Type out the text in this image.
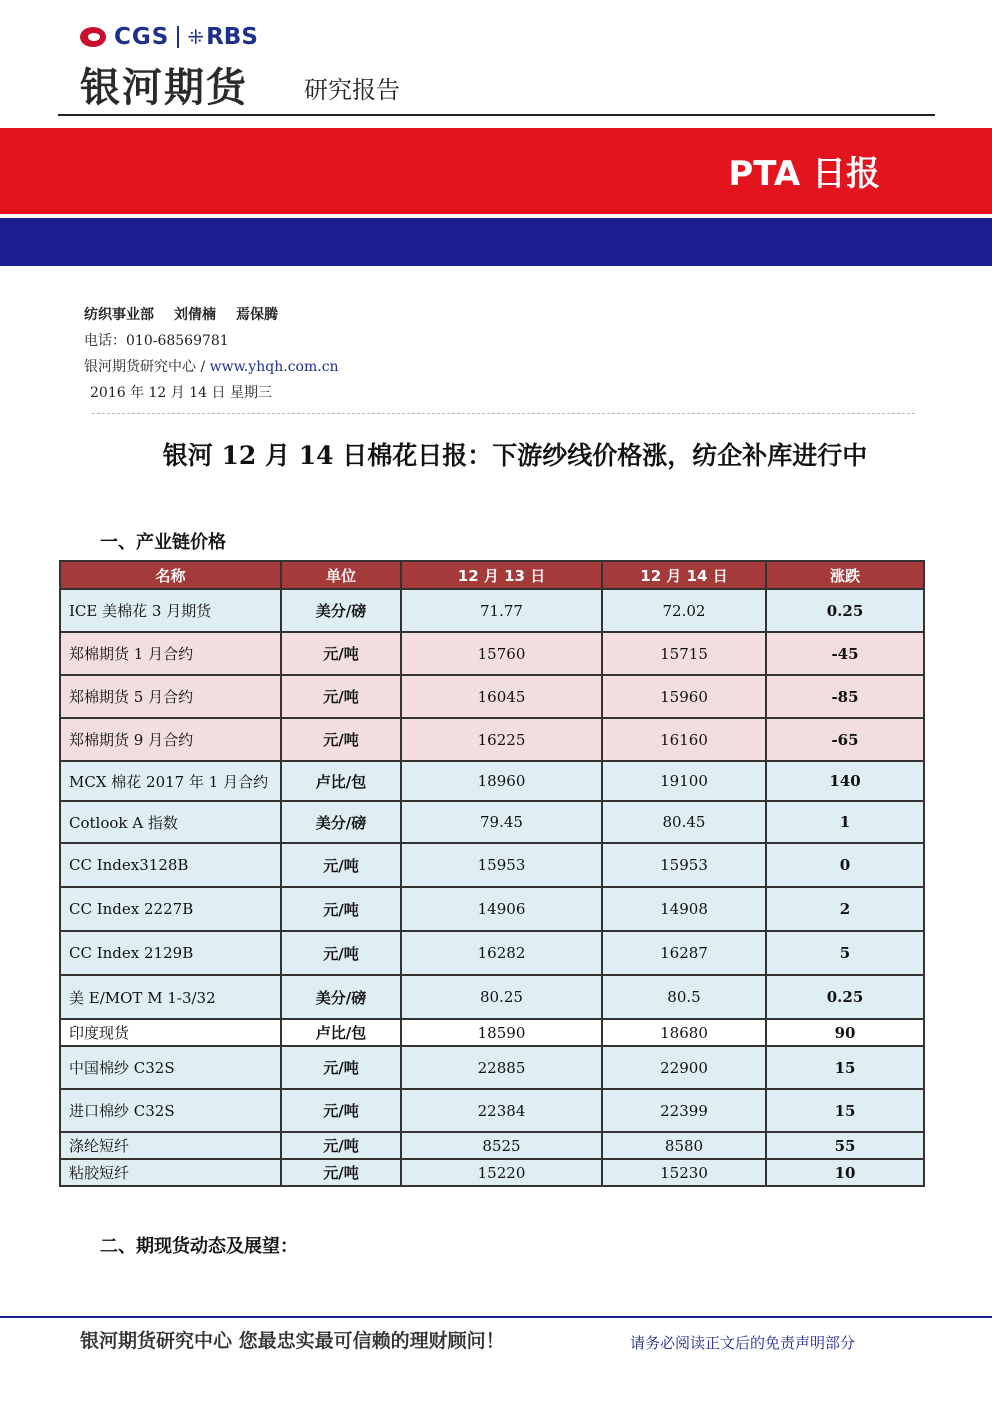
CGS ⁜ RBS
银河期货 研究报告
PTA 日报
纺织事业部 刘倩楠 焉保腾
电话：010-68569781
银河期货研究中心 / www.yhqh.com.cn
2016 年 12 月 14 日 星期三
银河 12 月 14 日棉花日报：下游纱线价格涨，纺企补库进行中
一、产业链价格
名称	单位	12 月 13 日	12 月 14 日	涨跌
ICE 美棉花 3 月期货	美分/磅	71.77	72.02	0.25
郑棉期货 1 月合约	元/吨	15760	15715	-45
郑棉期货 5 月合约	元/吨	16045	15960	-85
郑棉期货 9 月合约	元/吨	16225	16160	-65
MCX 棉花 2017 年 1 月合约	卢比/包	18960	19100	140
Cotlook A 指数	美分/磅	79.45	80.45	1
CC Index3128B	元/吨	15953	15953	0
CC Index 2227B	元/吨	14906	14908	2
CC Index 2129B	元/吨	16282	16287	5
美 E/MOT M 1-3/32	美分/磅	80.25	80.5	0.25
印度现货	卢比/包	18590	18680	90
中国棉纱 C32S	元/吨	22885	22900	15
进口棉纱 C32S	元/吨	22384	22399	15
涤纶短纤	元/吨	8525	8580	55
粘胶短纤	元/吨	15220	15230	10
二、期现货动态及展望：
银河期货研究中心 您最忠实最可信赖的理财顾问！	请务必阅读正文后的免责声明部分
